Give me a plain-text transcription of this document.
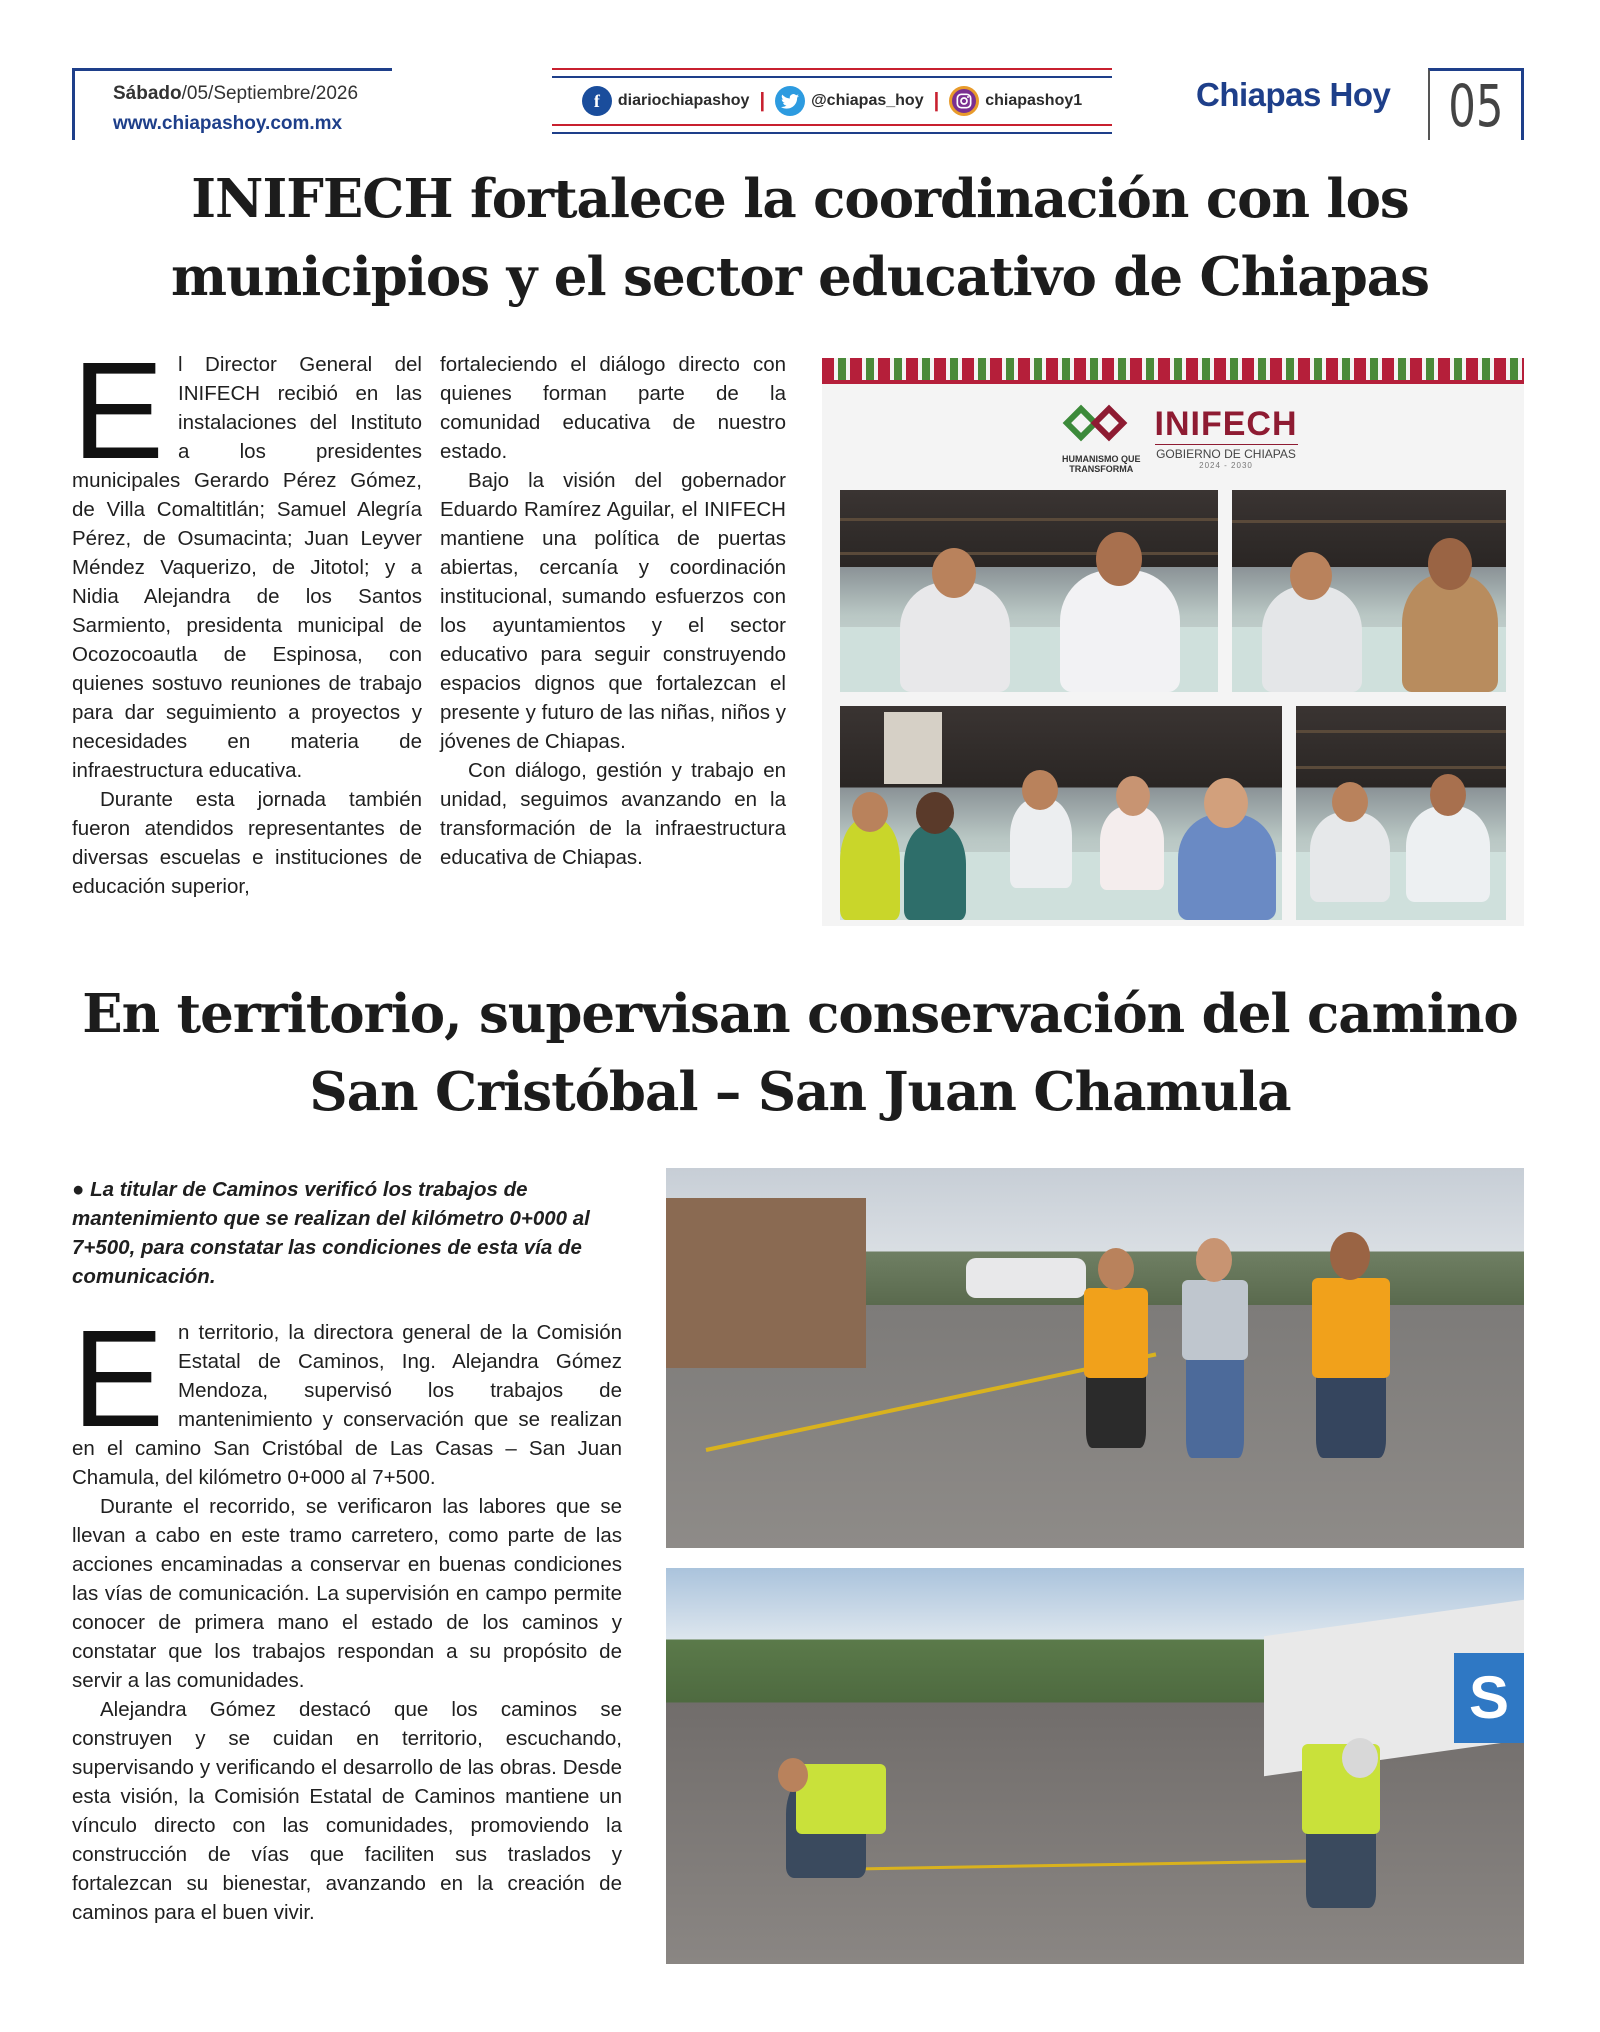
Sábado/05/Septiembre/2026
www.chiapashoy.com.mx
f	diariochiapashoy |	@chiapas_hoy |	chiapashoy1	Chiapas Hoy 05
INIFECH fortalece la coordinación con los municipios y el sector educativo de Chiapas

El Director General del INIFECH recibió en las instalaciones del Instituto a los presidentes municipales Gerardo Pérez Gómez, de Villa Comaltitlán; Samuel Alegría Pérez, de Osumacinta; Juan Leyver Méndez Vaquerizo, de Jitotol; y a Nidia Alejandra de los Santos Sarmiento, presidenta municipal de Ocozocoautla de Espinosa, con quienes sostuvo reuniones de trabajo para dar seguimiento a proyectos y necesidades en materia de infraestructura educativa.

Durante esta jornada también fueron atendidos representantes de diversas escuelas e instituciones de educación superior,

fortaleciendo el diálogo directo con quienes forman parte de la comunidad educativa de nuestro estado.

Bajo la visión del gobernador Eduardo Ramírez Aguilar, el INIFECH mantiene una política de puertas abiertas, cercanía y coordinación institucional, sumando esfuerzos con los ayuntamientos y el sector educativo para seguir construyendo espacios dignos que fortalezcan el presente y futuro de las niñas, niños y jóvenes de Chiapas.

Con diálogo, gestión y trabajo en unidad, seguimos avanzando en la transformación de la infraestructura educativa de Chiapas.

HUMANISMO QUE
TRANSFORMA
INIFECH
GOBIERNO DE CHIAPAS
2024 - 2030
En territorio, supervisan conservación del camino San Cristóbal – San Juan Chamula
● La titular de Caminos verificó los trabajos de mantenimiento que se realizan del kilómetro 0+000 al 7+500, para constatar las condiciones de esta vía de comunicación.

En territorio, la directora general de la Comisión Estatal de Caminos, Ing. Alejandra Gómez Mendoza, supervisó los trabajos de mantenimiento y conservación que se realizan en el camino San Cristóbal de Las Casas – San Juan Chamula, del kilómetro 0+000 al 7+500.

Durante el recorrido, se verificaron las labores que se llevan a cabo en este tramo carretero, como parte de las acciones encaminadas a conservar en buenas condiciones las vías de comunicación. La supervisión en campo permite conocer de primera mano el estado de los caminos y constatar que los trabajos respondan a su propósito de servir a las comunidades.

Alejandra Gómez destacó que los caminos se construyen y se cuidan en territorio, escuchando, supervisando y verificando el desarrollo de las obras. Desde esta visión, la Comisión Estatal de Caminos mantiene un vínculo directo con las comunidades, promoviendo la construcción de vías que faciliten sus traslados y fortalezcan su bienestar, avanzando en la creación de caminos para el buen vivir.

S
